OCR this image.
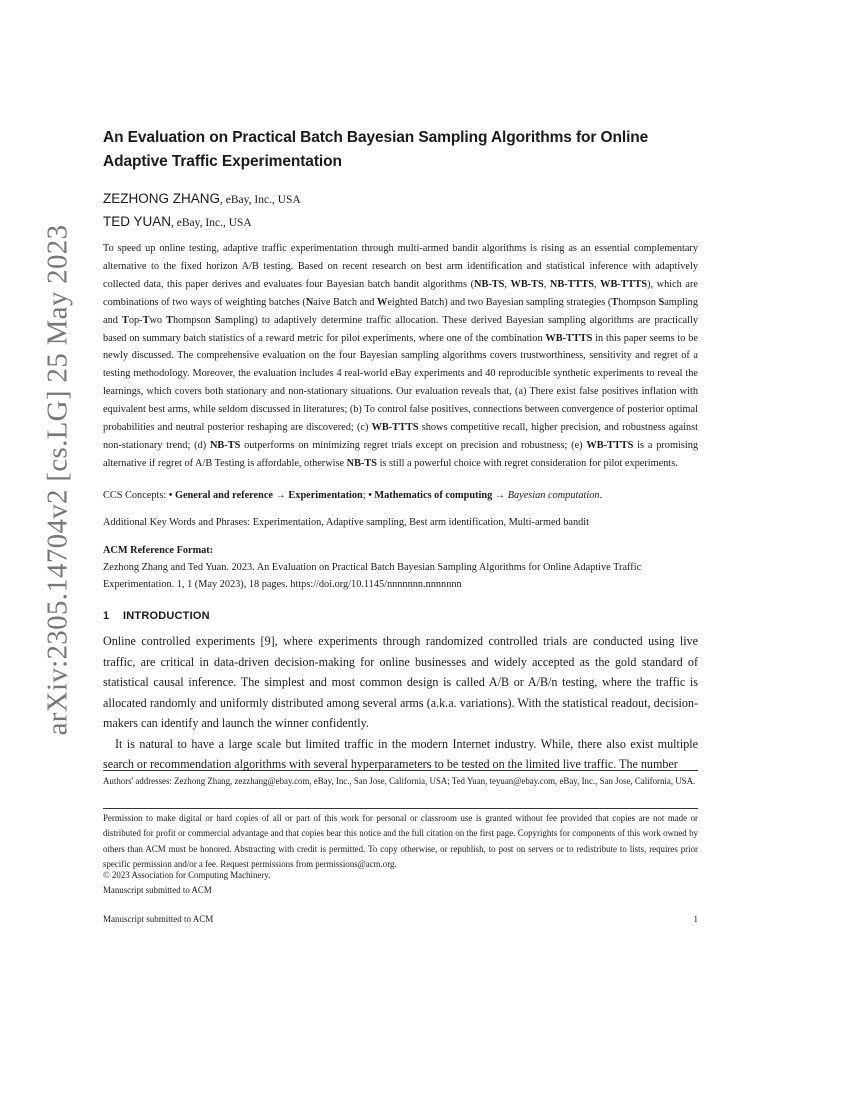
arXiv:2305.14704v2 [cs.LG] 25 May 2023
An Evaluation on Practical Batch Bayesian Sampling Algorithms for Online Adaptive Traffic Experimentation
ZEZHONG ZHANG, eBay, Inc., USA
TED YUAN, eBay, Inc., USA
To speed up online testing, adaptive traffic experimentation through multi-armed bandit algorithms is rising as an essential complementary alternative to the fixed horizon A/B testing. Based on recent research on best arm identification and statistical inference with adaptively collected data, this paper derives and evaluates four Bayesian batch bandit algorithms (NB-TS, WB-TS, NB-TTTS, WB-TTTS), which are combinations of two ways of weighting batches (Naive Batch and Weighted Batch) and two Bayesian sampling strategies (Thompson Sampling and Top-Two Thompson Sampling) to adaptively determine traffic allocation. These derived Bayesian sampling algorithms are practically based on summary batch statistics of a reward metric for pilot experiments, where one of the combination WB-TTTS in this paper seems to be newly discussed. The comprehensive evaluation on the four Bayesian sampling algorithms covers trustworthiness, sensitivity and regret of a testing methodology. Moreover, the evaluation includes 4 real-world eBay experiments and 40 reproducible synthetic experiments to reveal the learnings, which covers both stationary and non-stationary situations. Our evaluation reveals that, (a) There exist false positives inflation with equivalent best arms, while seldom discussed in literatures; (b) To control false positives, connections between convergence of posterior optimal probabilities and neutral posterior reshaping are discovered; (c) WB-TTTS shows competitive recall, higher precision, and robustness against non-stationary trend; (d) NB-TS outperforms on minimizing regret trials except on precision and robustness; (e) WB-TTTS is a promising alternative if regret of A/B Testing is affordable, otherwise NB-TS is still a powerful choice with regret consideration for pilot experiments.
CCS Concepts: • General and reference → Experimentation; • Mathematics of computing → Bayesian computation.
Additional Key Words and Phrases: Experimentation, Adaptive sampling, Best arm identification, Multi-armed bandit
ACM Reference Format:
Zezhong Zhang and Ted Yuan. 2023. An Evaluation on Practical Batch Bayesian Sampling Algorithms for Online Adaptive Traffic Experimentation. 1, 1 (May 2023), 18 pages. https://doi.org/10.1145/nnnnnnn.nnnnnnn
1 INTRODUCTION

Online controlled experiments [9], where experiments through randomized controlled trials are conducted using live traffic, are critical in data-driven decision-making for online businesses and widely accepted as the gold standard of statistical causal inference. The simplest and most common design is called A/B or A/B/n testing, where the traffic is allocated randomly and uniformly distributed among several arms (a.k.a. variations). With the statistical readout, decision-makers can identify and launch the winner confidently.

It is natural to have a large scale but limited traffic in the modern Internet industry. While, there also exist multiple search or recommendation algorithms with several hyperparameters to be tested on the limited live traffic. The number

Authors' addresses: Zezhong Zhang, zezzhang@ebay.com, eBay, Inc., San Jose, California, USA; Ted Yuan, teyuan@ebay.com, eBay, Inc., San Jose, California, USA.
Permission to make digital or hard copies of all or part of this work for personal or classroom use is granted without fee provided that copies are not made or distributed for profit or commercial advantage and that copies bear this notice and the full citation on the first page. Copyrights for components of this work owned by others than ACM must be honored. Abstracting with credit is permitted. To copy otherwise, or republish, to post on servers or to redistribute to lists, requires prior specific permission and/or a fee. Request permissions from permissions@acm.org.
© 2023 Association for Computing Machinery.
Manuscript submitted to ACM
Manuscript submitted to ACM	1
